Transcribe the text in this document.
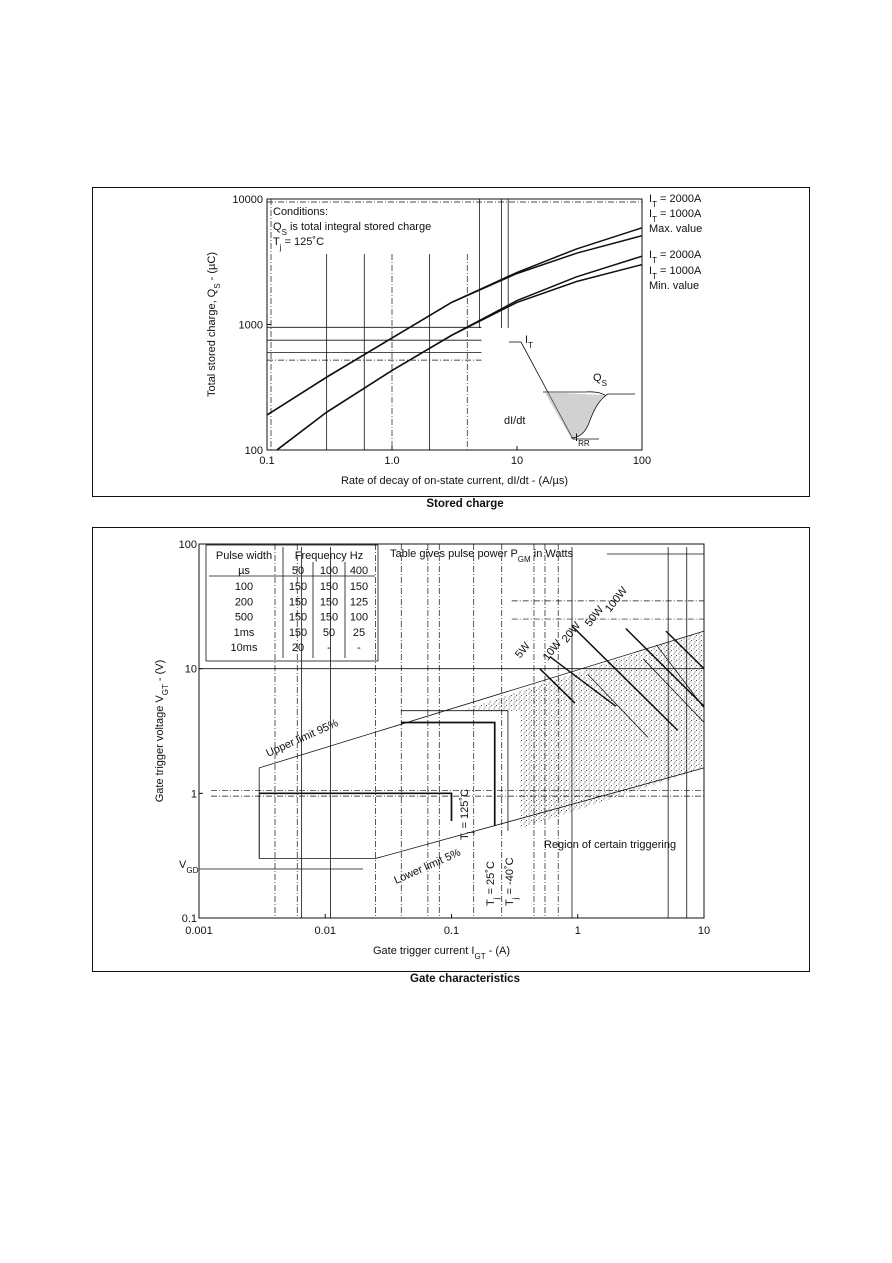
0.1	1.0	10	100
100
1000
10000
Rate of decay of on-state current, dI/dt - (A/µs)
Total stored charge, $Q_S - (\mu C)$
Conditions:
$Q_S$ is total integral stored charge
$T_j$ = 125˚C
$I_T = 2000A$
$I_T = 1000A$
Max. value
$I_T = 2000A$
$I_T = 1000A$
Min. value
$I_T$
$Q_S$
dI/dt
$I_{RR}$
Stored charge
5W 10W
20W
50W
100W
0.001	0.01	0.1	1	10
0.1
1
10
100
Gate trigger current $I_{GT} - (A)$
Gate trigger voltage $V_{GT} - (V)$
Pulse width Frequency Hz
µs	50 100 400
100	150 150 150
200	150 150 125
500	150 150 100
1ms	150 50 25
10ms	20 - -
Table gives pulse power $P_{GM}$ in Watts
Upper limit 95%
Lower limit 5%
Region of certain triggering
$V_{GD}$
$T_j$ = 125˚C
$T_j$ = 25˚C
$T_j$ = -40˚C
Gate characteristics
